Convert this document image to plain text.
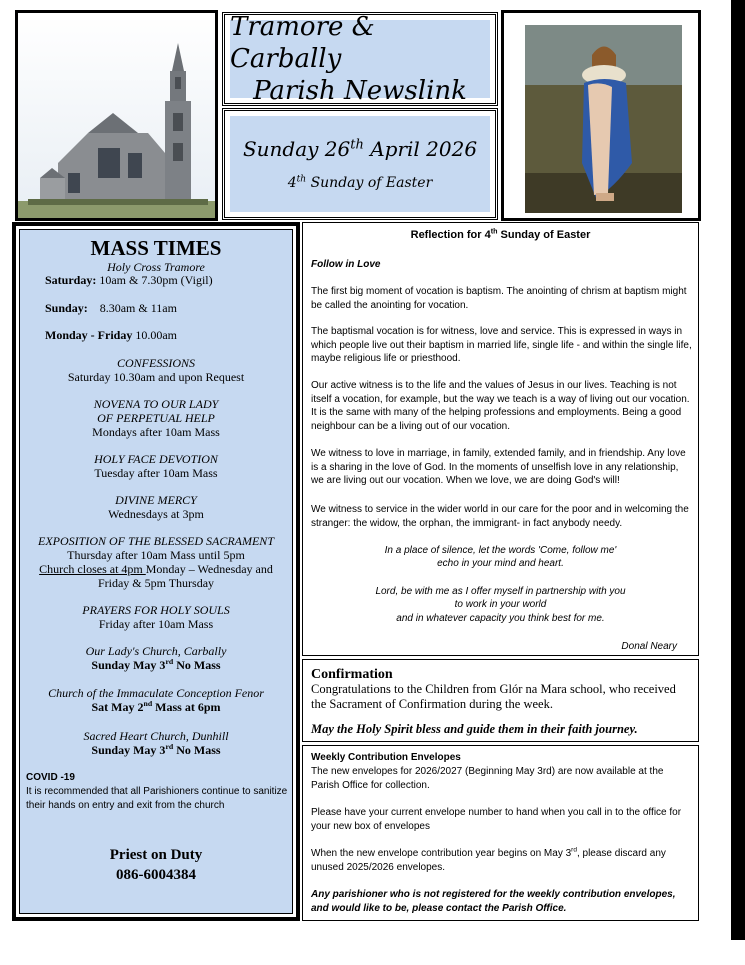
Tramore & Carbally
Parish Newslink
Sunday 26th April 2026
4th Sunday of Easter
MASS TIMES
Holy Cross Tramore
Saturday: 10am & 7.30pm (Vigil)
Sunday: 8.30am & 11am
Monday - Friday 10.00am
CONFESSIONS
Saturday 10.30am and upon Request
NOVENA TO OUR LADY
OF PERPETUAL HELP
Mondays after 10am Mass
HOLY FACE DEVOTION
Tuesday after 10am Mass
DIVINE MERCY
Wednesdays at 3pm
EXPOSITION OF THE BLESSED SACRAMENT
Thursday after 10am Mass until 5pm
Church closes at 4pm Monday – Wednesday and
Friday & 5pm Thursday
PRAYERS FOR HOLY SOULS
Friday after 10am Mass
Our Lady's Church, Carbally
Sunday May 3rd No Mass
Church of the Immaculate Conception Fenor
Sat May 2nd Mass at 6pm
Sacred Heart Church, Dunhill
Sunday May 3rd No Mass
COVID -19
It is recommended that all Parishioners continue to sanitize their hands on entry and exit from the church
Priest on Duty
086-6004384
Reflection for 4th Sunday of Easter
Follow in Love
The first big moment of vocation is baptism. The anointing of chrism at baptism might be called the anointing for vocation.
The baptismal vocation is for witness, love and service. This is expressed in ways in which people live out their baptism in married life, single life - and within the single life, maybe religious life or priesthood.
Our active witness is to the life and the values of Jesus in our lives. Teaching is not itself a vocation, for example, but the way we teach is a way of living out our vocation. It is the same with many of the helping professions and employments. Being a good neighbour can be a living out of our vocation.
We witness to love in marriage, in family, extended family, and in friendship. Any love is a sharing in the love of God. In the moments of unselfish love in any relationship, we are living out our vocation. When we love, we are doing God's will!
We witness to service in the wider world in our care for the poor and in welcoming the stranger: the widow, the orphan, the immigrant- in fact anybody needy.
In a place of silence, let the words 'Come, follow me'
echo in your mind and heart.
Lord, be with me as I offer myself in partnership with you
to work in your world
and in whatever capacity you think best for me.
Donal Neary
Confirmation
Congratulations to the Children from Glór na Mara school, who received the Sacrament of Confirmation during the week.
May the Holy Spirit bless and guide them in their faith journey.
Weekly Contribution Envelopes
The new envelopes for 2026/2027 (Beginning May 3rd) are now available at the Parish Office for collection.
Please have your current envelope number to hand when you call in to the office for your new box of envelopes
When the new envelope contribution year begins on May 3rd, please discard any unused 2025/2026 envelopes.
Any parishioner who is not registered for the weekly contribution envelopes, and would like to be, please contact the Parish Office.
